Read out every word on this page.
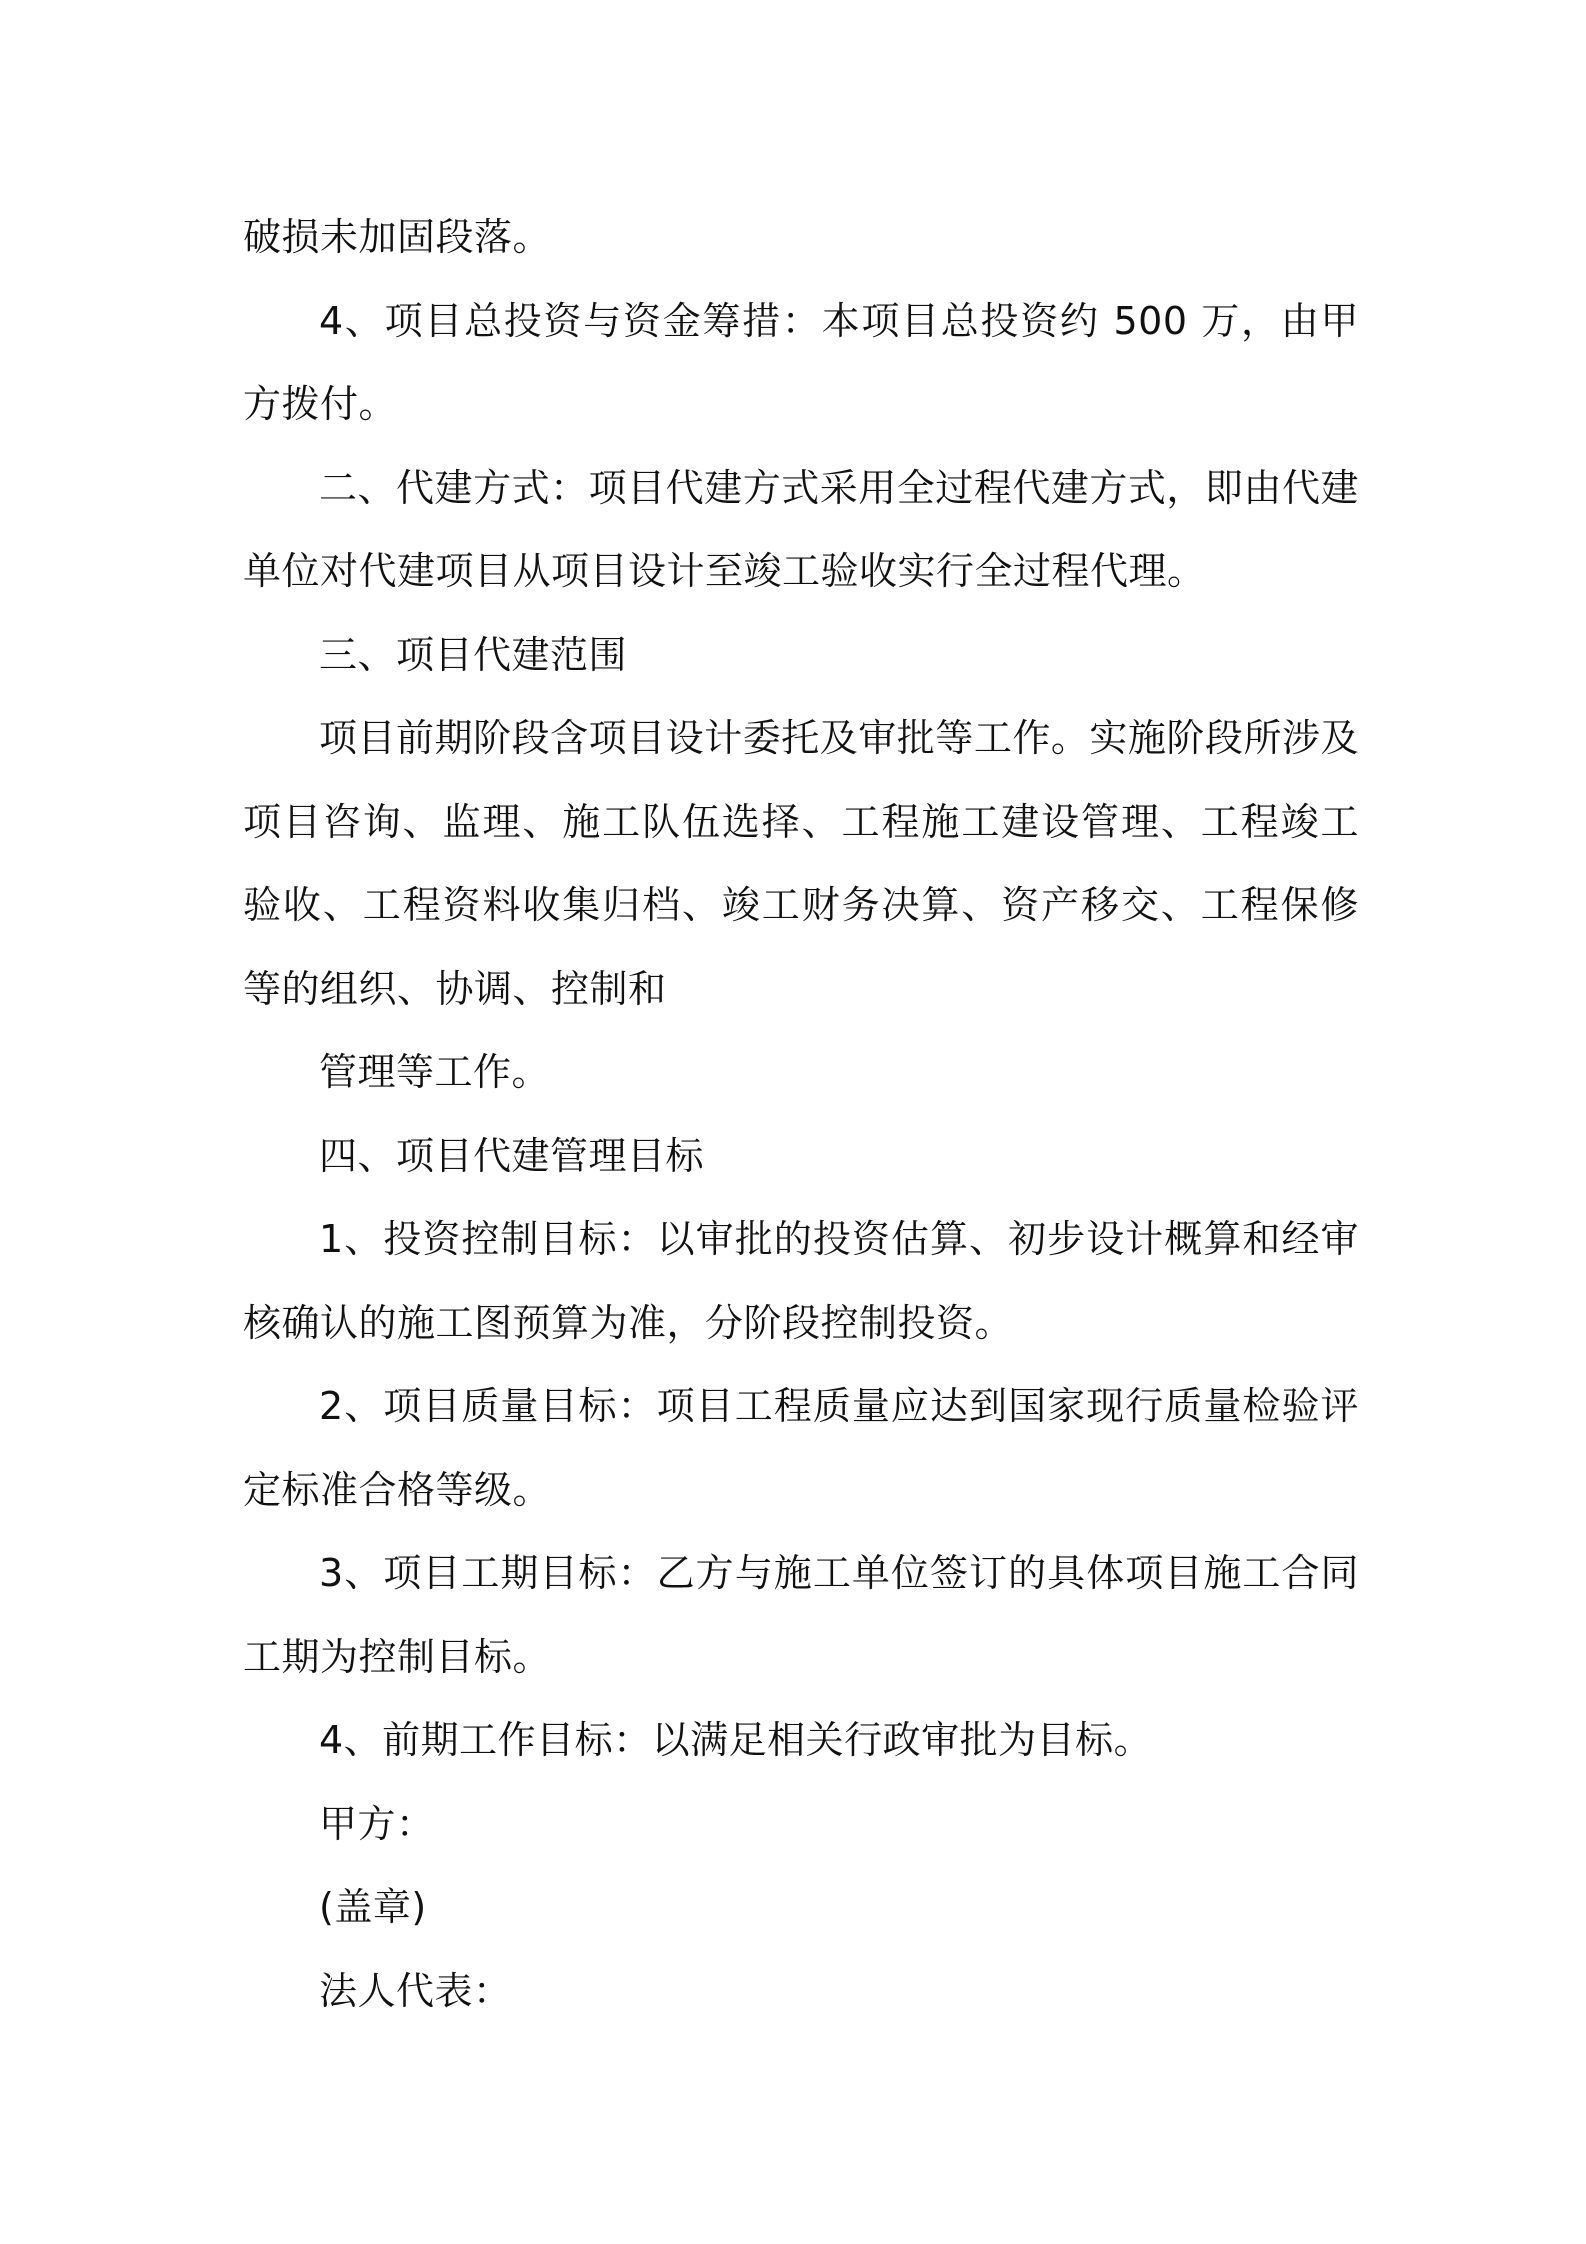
破损未加固段落。

4、项目总投资与资金筹措：本项目总投资约 500 万，由甲方拨付。

二、代建方式：项目代建方式采用全过程代建方式，即由代建单位对代建项目从项目设计至竣工验收实行全过程代理。

三、项目代建范围

项目前期阶段含项目设计委托及审批等工作。实施阶段所涉及项目咨询、监理、施工队伍选择、工程施工建设管理、工程竣工验收、工程资料收集归档、竣工财务决算、资产移交、工程保修等的组织、协调、控制和

管理等工作。

四、项目代建管理目标

1、投资控制目标：以审批的投资估算、初步设计概算和经审核确认的施工图预算为准，分阶段控制投资。

2、项目质量目标：项目工程质量应达到国家现行质量检验评定标准合格等级。

3、项目工期目标：乙方与施工单位签订的具体项目施工合同工期为控制目标。

4、前期工作目标：以满足相关行政审批为目标。

甲方：

(盖章)

法人代表：
